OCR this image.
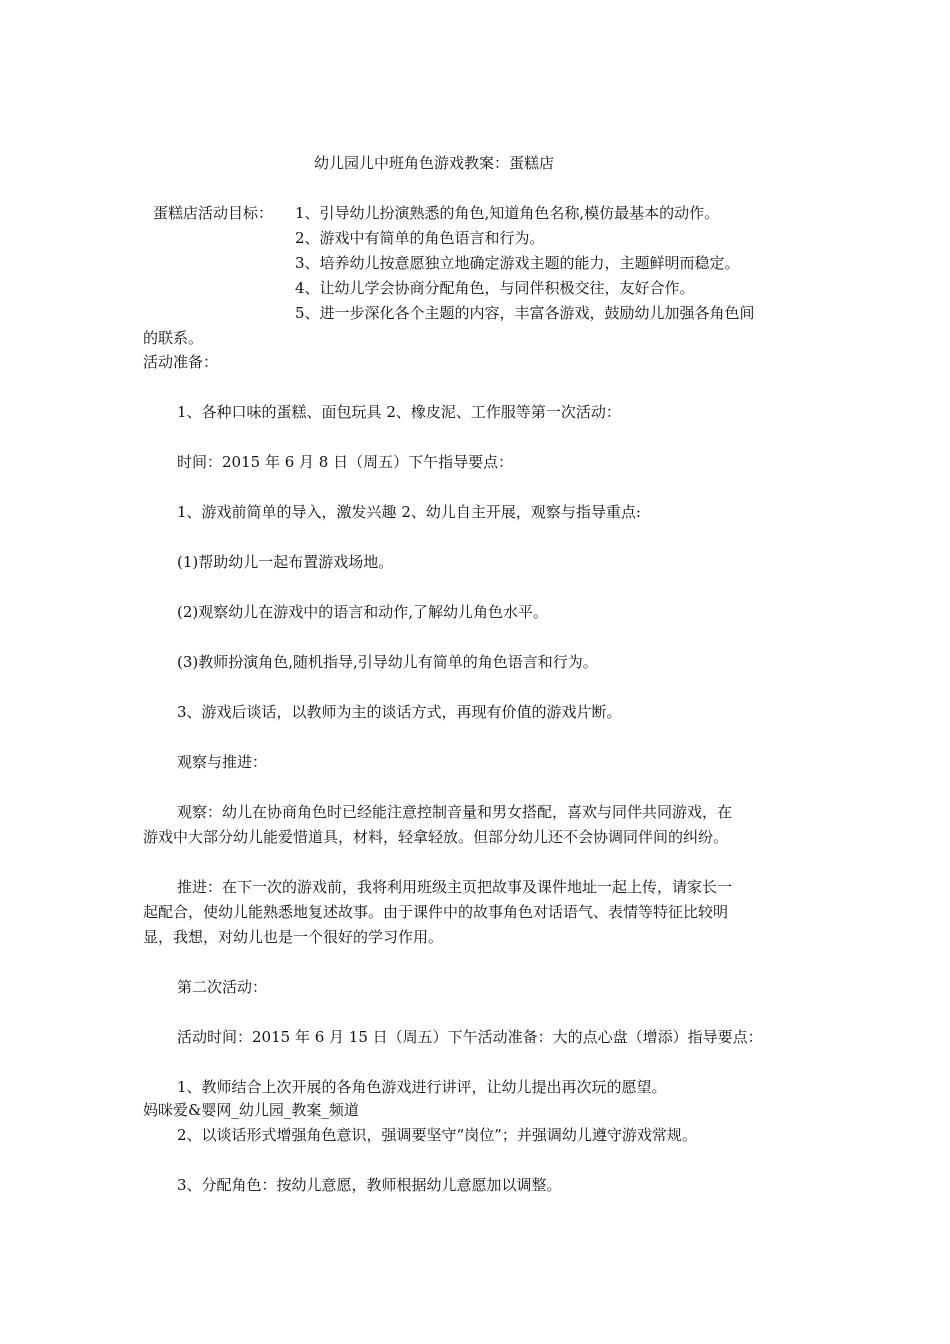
幼儿园儿中班角色游戏教案：蛋糕店
蛋糕店活动目标： 1、引导幼儿扮演熟悉的角色,知道角色名称,模仿最基本的动作。
2、游戏中有简单的角色语言和行为。
3、培养幼儿按意愿独立地确定游戏主题的能力，主题鲜明而稳定。
4、让幼儿学会协商分配角色，与同伴积极交往，友好合作。
5、进一步深化各个主题的内容，丰富各游戏，鼓励幼儿加强各角色间
的联系。
活动准备：
1、各种口味的蛋糕、面包玩具 2、橡皮泥、工作服等第一次活动：
时间：2015 年 6 月 8 日（周五）下午指导要点：
1、游戏前简单的导入，激发兴趣 2、幼儿自主开展，观察与指导重点:
(1)帮助幼儿一起布置游戏场地。
(2)观察幼儿在游戏中的语言和动作,了解幼儿角色水平。
(3)教师扮演角色,随机指导,引导幼儿有简单的角色语言和行为。
3、游戏后谈话，以教师为主的谈话方式，再现有价值的游戏片断。
观察与推进：
观察：幼儿在协商角色时已经能注意控制音量和男女搭配，喜欢与同伴共同游戏，在
游戏中大部分幼儿能爱惜道具，材料，轻拿轻放。但部分幼儿还不会协调同伴间的纠纷。
推进：在下一次的游戏前，我将利用班级主页把故事及课件地址一起上传，请家长一
起配合，使幼儿能熟悉地复述故事。由于课件中的故事角色对话语气、表情等特征比较明
显，我想，对幼儿也是一个很好的学习作用。
第二次活动：
活动时间：2015 年 6 月 15 日（周五）下午活动准备：大的点心盘（增添）指导要点：
1、教师结合上次开展的各角色游戏进行讲评，让幼儿提出再次玩的愿望。
妈咪爱&婴网_幼儿园_教案_频道
2、以谈话形式增强角色意识，强调要坚守“岗位”；并强调幼儿遵守游戏常规。
3、分配角色：按幼儿意愿，教师根据幼儿意愿加以调整。
